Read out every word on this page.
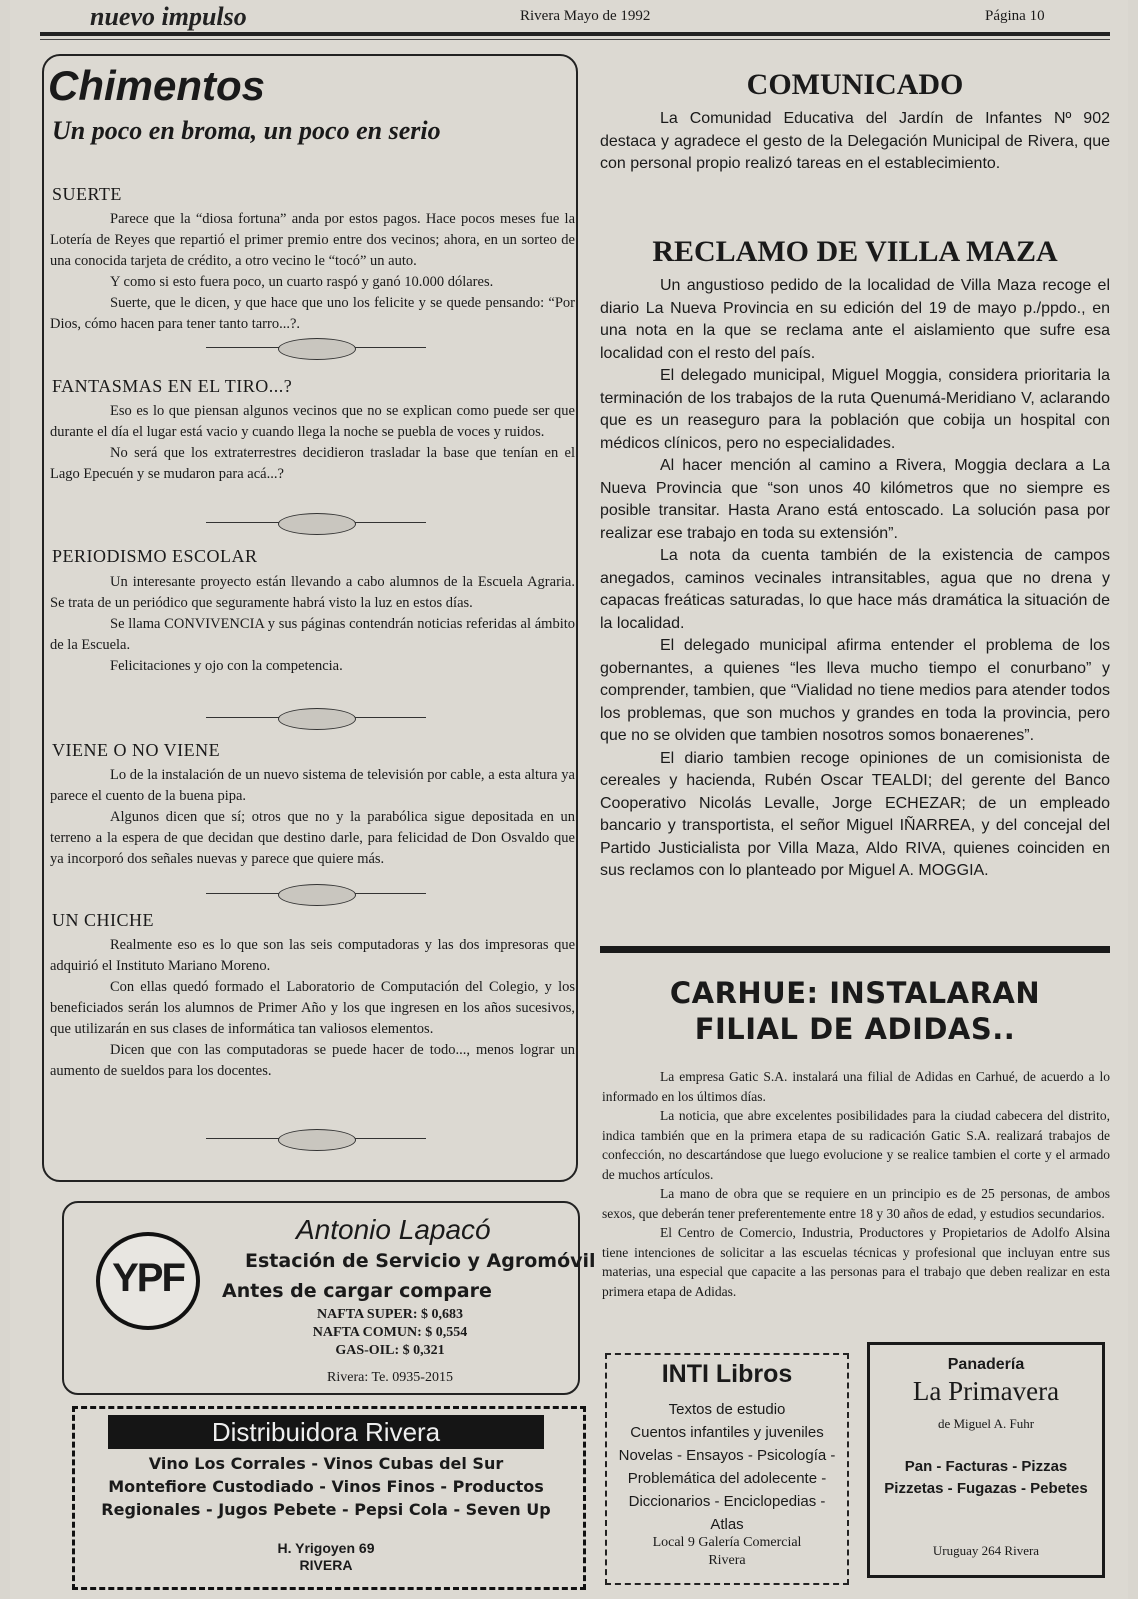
nuevo impulso	Rivera Mayo de 1992	Página 10
Chimentos
Un poco en broma, un poco en serio
SUERTE

Parece que la “diosa fortuna” anda por estos pagos. Hace pocos meses fue la Lotería de Reyes que repartió el primer premio entre dos vecinos; ahora, en un sorteo de una conocida tarjeta de crédito, a otro vecino le “tocó” un auto.

Y como si esto fuera poco, un cuarto raspó y ganó 10.000 dólares.

Suerte, que le dicen, y que hace que uno los felicite y se quede pensando: “Por Dios, cómo hacen para tener tanto tarro...?.

FANTASMAS EN EL TIRO...?

Eso es lo que piensan algunos vecinos que no se explican como puede ser que durante el día el lugar está vacio y cuando llega la noche se puebla de voces y ruidos.

No será que los extraterrestres decidieron trasladar la base que tenían en el Lago Epecuén y se mudaron para acá...?

PERIODISMO ESCOLAR

Un interesante proyecto están llevando a cabo alumnos de la Escuela Agraria. Se trata de un periódico que seguramente habrá visto la luz en estos días.

Se llama CONVIVENCIA y sus páginas contendrán noticias referidas al ámbito de la Escuela.

Felicitaciones y ojo con la competencia.

VIENE O NO VIENE

Lo de la instalación de un nuevo sistema de televisión por cable, a esta altura ya parece el cuento de la buena pipa.

Algunos dicen que sí; otros que no y la parabólica sigue depositada en un terreno a la espera de que decidan que destino darle, para felicidad de Don Osvaldo que ya incorporó dos señales nuevas y parece que quiere más.

UN CHICHE

Realmente eso es lo que son las seis computadoras y las dos impresoras que adquirió el Instituto Mariano Moreno.

Con ellas quedó formado el Laboratorio de Computación del Colegio, y los beneficiados serán los alumnos de Primer Año y los que ingresen en los años sucesivos, que utilizarán en sus clases de informática tan valiosos elementos.

Dicen que con las computadoras se puede hacer de todo..., menos lograr un aumento de sueldos para los docentes.

COMUNICADO

La Comunidad Educativa del Jardín de Infantes Nº 902 destaca y agradece el gesto de la Delegación Municipal de Rivera, que con personal propio realizó tareas en el establecimiento.

RECLAMO DE VILLA MAZA

Un angustioso pedido de la localidad de Villa Maza recoge el diario La Nueva Provincia en su edición del 19 de mayo p./ppdo., en una nota en la que se reclama ante el aislamiento que sufre esa localidad con el resto del país.

El delegado municipal, Miguel Moggia, considera prioritaria la terminación de los trabajos de la ruta Quenumá-Meridiano V, aclarando que es un reaseguro para la población que cobija un hospital con médicos clínicos, pero no especialidades.

Al hacer mención al camino a Rivera, Moggia declara a La Nueva Provincia que “son unos 40 kilómetros que no siempre es posible transitar. Hasta Arano está entoscado. La solución pasa por realizar ese trabajo en toda su extensión”.

La nota da cuenta también de la existencia de campos anegados, caminos vecinales intransitables, agua que no drena y capacas freáticas saturadas, lo que hace más dramática la situación de la localidad.

El delegado municipal afirma entender el problema de los gobernantes, a quienes “les lleva mucho tiempo el conurbano” y comprender, tambien, que “Vialidad no tiene medios para atender todos los problemas, que son muchos y grandes en toda la provincia, pero que no se olviden que tambien nosotros somos bonaerenes”.

El diario tambien recoge opiniones de un comisionista de cereales y hacienda, Rubén Oscar TEALDI; del gerente del Banco Cooperativo Nicolás Levalle, Jorge ECHEZAR; de un empleado bancario y transportista, el señor Miguel IÑARREA, y del concejal del Partido Justicialista por Villa Maza, Aldo RIVA, quienes coinciden en sus reclamos con lo planteado por Miguel A. MOGGIA.

CARHUE: INSTALARAN
FILIAL DE ADIDAS..

La empresa Gatic S.A. instalará una filial de Adidas en Carhué, de acuerdo a lo informado en los últimos días.

La noticia, que abre excelentes posibilidades para la ciudad cabecera del distrito, indica también que en la primera etapa de su radicación Gatic S.A. realizará trabajos de confección, no descartándose que luego evolucione y se realice tambien el corte y el armado de muchos artículos.

La mano de obra que se requiere en un principio es de 25 personas, de ambos sexos, que deberán tener preferentemente entre 18 y 30 años de edad, y estudios secundarios.

El Centro de Comercio, Industria, Productores y Propietarios de Adolfo Alsina tiene intenciones de solicitar a las escuelas técnicas y profesional que incluyan entre sus materias, una especial que capacite a las personas para el trabajo que deben realizar en esta primera etapa de Adidas.

YPF
Antonio Lapacó
Estación de Servicio y Agromóvil
Antes de cargar compare
NAFTA SUPER: $ 0,683
NAFTA COMUN: $ 0,554
GAS-OIL: $ 0,321
Rivera: Te. 0935-2015
Distribuidora Rivera
Vino Los Corrales - Vinos Cubas del Sur
Montefiore Custodiado - Vinos Finos - Productos
Regionales - Jugos Pebete - Pepsi Cola - Seven Up
H. Yrigoyen 69
RIVERA
INTI Libros
Textos de estudio
Cuentos infantiles y juveniles
Novelas - Ensayos - Psicología -
Problemática del adolecente -
Diccionarios - Enciclopedias -
Atlas
Local 9 Galería Comercial
Rivera
Panadería
La Primavera
de Miguel A. Fuhr
Pan - Facturas - Pizzas
Pizzetas - Fugazas - Pebetes
Uruguay 264 Rivera
